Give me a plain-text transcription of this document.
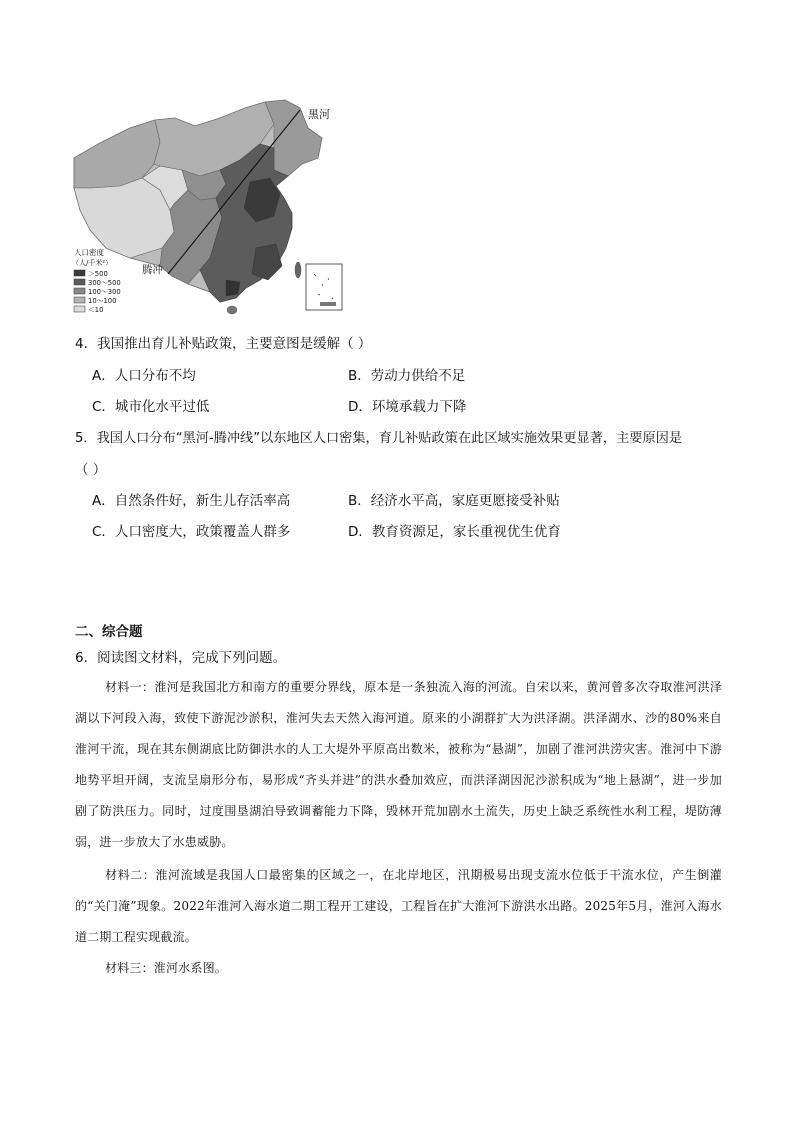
人口密度
（人/千米²）
＞500
300～500
100～300
10～100
＜10
黑河
腾冲
4．我国推出育儿补贴政策，主要意图是缓解（ ）
A．人口分布不均	B．劳动力供给不足
C．城市化水平过低	D．环境承载力下降
5．我国人口分布“黑河-腾冲线”以东地区人口密集，育儿补贴政策在此区域实施效果更显著，主要原因是
（ ）
A．自然条件好，新生儿存活率高	B．经济水平高，家庭更愿接受补贴
C．人口密度大，政策覆盖人群多	D．教育资源足，家长重视优生优育
二、综合题
6．阅读图文材料，完成下列问题。
材料一：淮河是我国北方和南方的重要分界线，原本是一条独流入海的河流。自宋以来，黄河曾多次夺取淮河洪泽湖以下河段入海，致使下游泥沙淤积，淮河失去天然入海河道。原来的小湖群扩大为洪泽湖。洪泽湖水、沙的80%来自淮河干流，现在其东侧湖底比防御洪水的人工大堤外平原高出数米，被称为“悬湖”，加剧了淮河洪涝灾害。淮河中下游地势平坦开阔，支流呈扇形分布，易形成“齐头并进”的洪水叠加效应，而洪泽湖因泥沙淤积成为“地上悬湖”，进一步加剧了防洪压力。同时，过度围垦湖泊导致调蓄能力下降，毁林开荒加剧水土流失，历史上缺乏系统性水利工程，堤防薄弱，进一步放大了水患威胁。
材料二：淮河流域是我国人口最密集的区域之一，在北岸地区，汛期极易出现支流水位低于干流水位，产生倒灌的“关门淹”现象。2022年淮河入海水道二期工程开工建设，工程旨在扩大淮河下游洪水出路。2025年5月，淮河入海水道二期工程实现截流。
材料三：淮河水系图。
